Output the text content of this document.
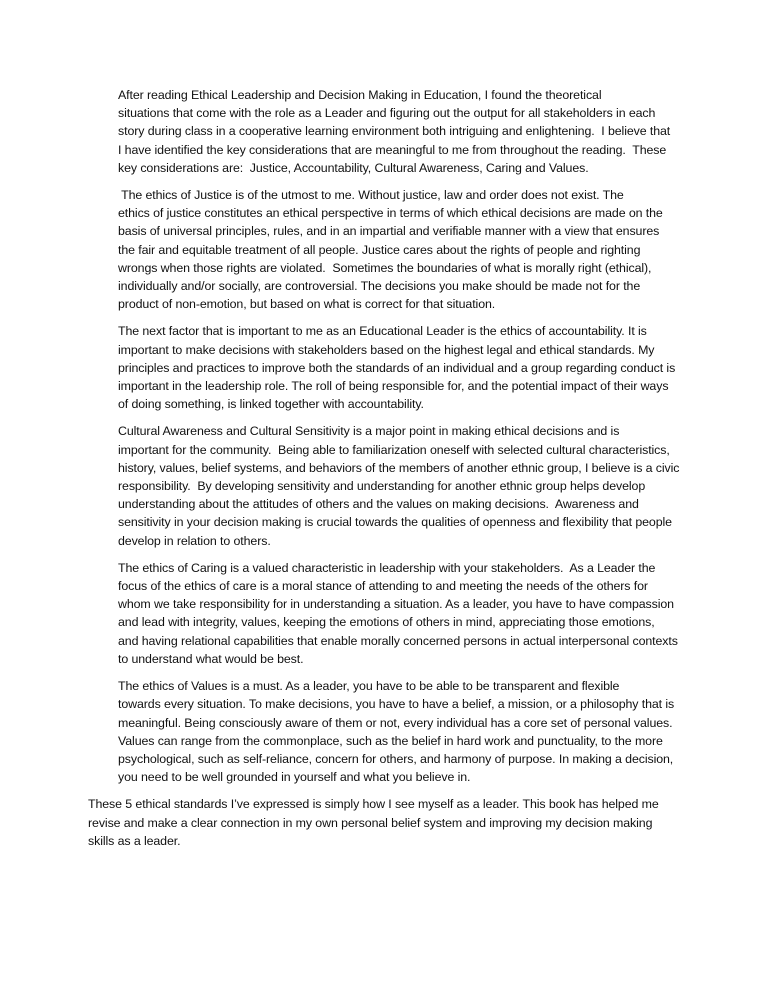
After reading Ethical Leadership and Decision Making in Education, I found the theoretical
situations that come with the role as a Leader and figuring out the output for all stakeholders in each
story during class in a cooperative learning environment both intriguing and enlightening.  I believe that
I have identified the key considerations that are meaningful to me from throughout the reading.  These
key considerations are:  Justice, Accountability, Cultural Awareness, Caring and Values.

The ethics of Justice is of the utmost to me. Without justice, law and order does not exist. The
ethics of justice constitutes an ethical perspective in terms of which ethical decisions are made on the
basis of universal principles, rules, and in an impartial and verifiable manner with a view that ensures
the fair and equitable treatment of all people. Justice cares about the rights of people and righting
wrongs when those rights are violated.  Sometimes the boundaries of what is morally right (ethical),
individually and/or socially, are controversial. The decisions you make should be made not for the
product of non-emotion, but based on what is correct for that situation.

The next factor that is important to me as an Educational Leader is the ethics of accountability. It is
important to make decisions with stakeholders based on the highest legal and ethical standards. My
principles and practices to improve both the standards of an individual and a group regarding conduct is
important in the leadership role. The roll of being responsible for, and the potential impact of their ways
of doing something, is linked together with accountability.

Cultural Awareness and Cultural Sensitivity is a major point in making ethical decisions and is
important for the community.  Being able to familiarization oneself with selected cultural characteristics,
history, values, belief systems, and behaviors of the members of another ethnic group, I believe is a civic
responsibility.  By developing sensitivity and understanding for another ethnic group helps develop
understanding about the attitudes of others and the values on making decisions.  Awareness and
sensitivity in your decision making is crucial towards the qualities of openness and flexibility that people
develop in relation to others.

The ethics of Caring is a valued characteristic in leadership with your stakeholders.  As a Leader the
focus of the ethics of care is a moral stance of attending to and meeting the needs of the others for
whom we take responsibility for in understanding a situation. As a leader, you have to have compassion
and lead with integrity, values, keeping the emotions of others in mind, appreciating those emotions,
and having relational capabilities that enable morally concerned persons in actual interpersonal contexts
to understand what would be best.

The ethics of Values is a must. As a leader, you have to be able to be transparent and flexible
towards every situation. To make decisions, you have to have a belief, a mission, or a philosophy that is
meaningful. Being consciously aware of them or not, every individual has a core set of personal values.
Values can range from the commonplace, such as the belief in hard work and punctuality, to the more
psychological, such as self-reliance, concern for others, and harmony of purpose. In making a decision,
you need to be well grounded in yourself and what you believe in.

These 5 ethical standards I’ve expressed is simply how I see myself as a leader. This book has helped me
revise and make a clear connection in my own personal belief system and improving my decision making
skills as a leader.
